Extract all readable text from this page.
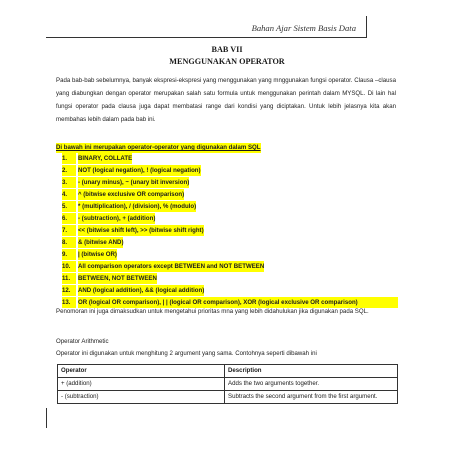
Bahan Ajar Sistem Basis Data
BAB VII
MENGGUNAKAN OPERATOR
Pada bab-bab sebelumnya, banyak ekspresi-ekspresi yang menggunakan yang mnggunakan fungsi operator. Clausa –clausa yang diabungkan dengan operator merupakan salah satu formula untuk menggunakan perintah dalam MYSQL. Di lain hal fungsi operator pada clausa juga dapat membatasi range dari kondisi yang diciptakan. Untuk lebih jelasnya kita akan membahas lebih dalam pada bab ini.
Di bawah ini merupakan operator-operator yang digunakan dalam SQL
1.	BINARY, COLLATE
2.	NOT (logical negation), ! (logical negation)
3.	- (unary minus), ~ (unary bit inversion)
4.	^ (bitwise exclusive OR comparison)
5.	* (multiplication), / (division), % (modulo)
6.	- (subtraction), + (addition)
7.	<< (bitwise shift left), >> (bitwise shift right)
8.	& (bitwise AND)
9.	| (bitwise OR)
10.	All comparison operators except BETWEEN and NOT BETWEEN
11.	BETWEEN, NOT BETWEEN
12.	AND (logical addition), && (logical addition)
13.	OR (logical OR comparison), | | (logical OR comparison), XOR (logical exclusive OR comparison)
Penomoran ini juga dimaksudkan untuk mengetahui prioritas mna yang lebih didahulukan jika digunakan pada SQL.
Operator Arithmetic
Operator ini digunakan untuk menghitung 2 argument yang sama. Contohnya seperti dibawah ini
Operator	Description
+ (addition)	Adds the two arguments together.
- (subtraction)	Subtracts the second argument from the first argument.
